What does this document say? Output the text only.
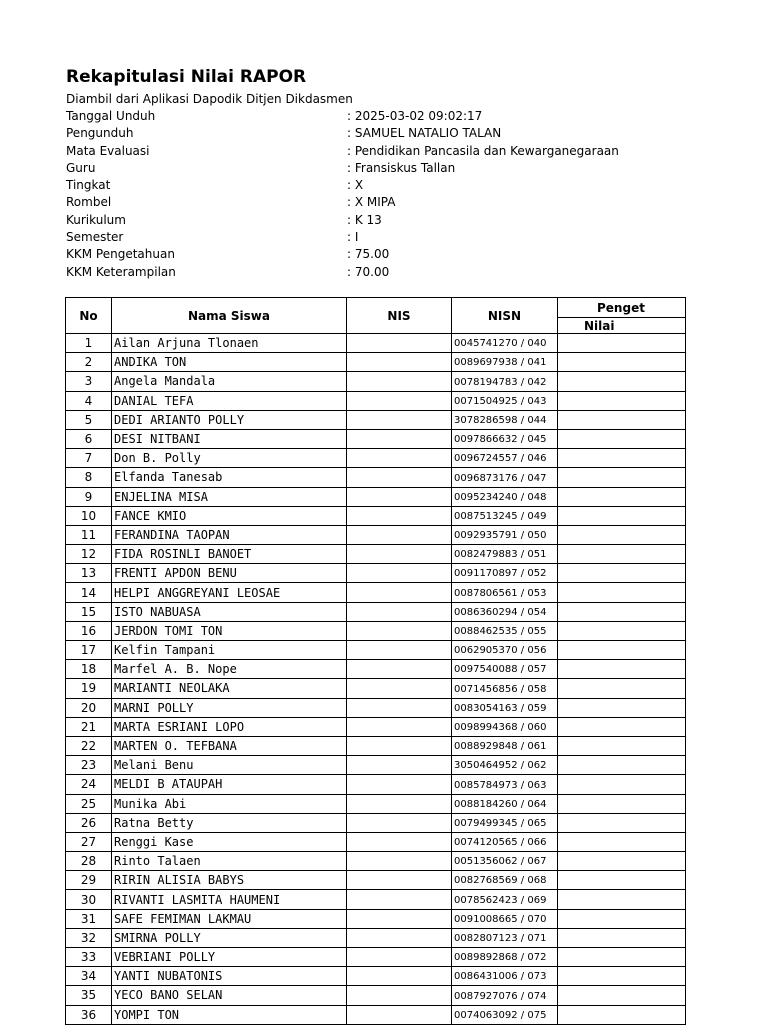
Rekapitulasi Nilai RAPOR
Diambil dari Aplikasi Dapodik Ditjen Dikdasmen
Tanggal Unduh	: 2025-03-02 09:02:17
Pengunduh	: SAMUEL NATALIO TALAN
Mata Evaluasi	: Pendidikan Pancasila dan Kewarganegaraan
Guru	: Fransiskus Tallan
Tingkat	: X
Rombel	: X MIPA
Kurikulum	: K 13
Semester	: I
KKM Pengetahuan	: 75.00
KKM Keterampilan	: 70.00
No	Nama Siswa	NIS	NISN	Penget
				Nilai
1	Ailan Arjuna Tlonaen		0045741270 / 040	
2	ANDIKA TON		0089697938 / 041	
3	Angela Mandala		0078194783 / 042	
4	DANIAL TEFA		0071504925 / 043	
5	DEDI ARIANTO POLLY		3078286598 / 044	
6	DESI NITBANI		0097866632 / 045	
7	Don B. Polly		0096724557 / 046	
8	Elfanda Tanesab		0096873176 / 047	
9	ENJELINA MISA		0095234240 / 048	
10	FANCE KMIO		0087513245 / 049	
11	FERANDINA TAOPAN		0092935791 / 050	
12	FIDA ROSINLI BANOET		0082479883 / 051	
13	FRENTI APDON BENU		0091170897 / 052	
14	HELPI ANGGREYANI LEOSAE		0087806561 / 053	
15	ISTO NABUASA		0086360294 / 054	
16	JERDON TOMI TON		0088462535 / 055	
17	Kelfin Tampani		0062905370 / 056	
18	Marfel A. B. Nope		0097540088 / 057	
19	MARIANTI NEOLAKA		0071456856 / 058	
20	MARNI POLLY		0083054163 / 059	
21	MARTA ESRIANI LOPO		0098994368 / 060	
22	MARTEN O. TEFBANA		0088929848 / 061	
23	Melani Benu		3050464952 / 062	
24	MELDI B ATAUPAH		0085784973 / 063	
25	Munika Abi		0088184260 / 064	
26	Ratna Betty		0079499345 / 065	
27	Renggi Kase		0074120565 / 066	
28	Rinto Talaen		0051356062 / 067	
29	RIRIN ALISIA BABYS		0082768569 / 068	
30	RIVANTI LASMITA HAUMENI		0078562423 / 069	
31	SAFE FEMIMAN LAKMAU		0091008665 / 070	
32	SMIRNA POLLY		0082807123 / 071	
33	VEBRIANI POLLY		0089892868 / 072	
34	YANTI NUBATONIS		0086431006 / 073	
35	YECO BANO SELAN		0087927076 / 074	
36	YOMPI TON		0074063092 / 075	
